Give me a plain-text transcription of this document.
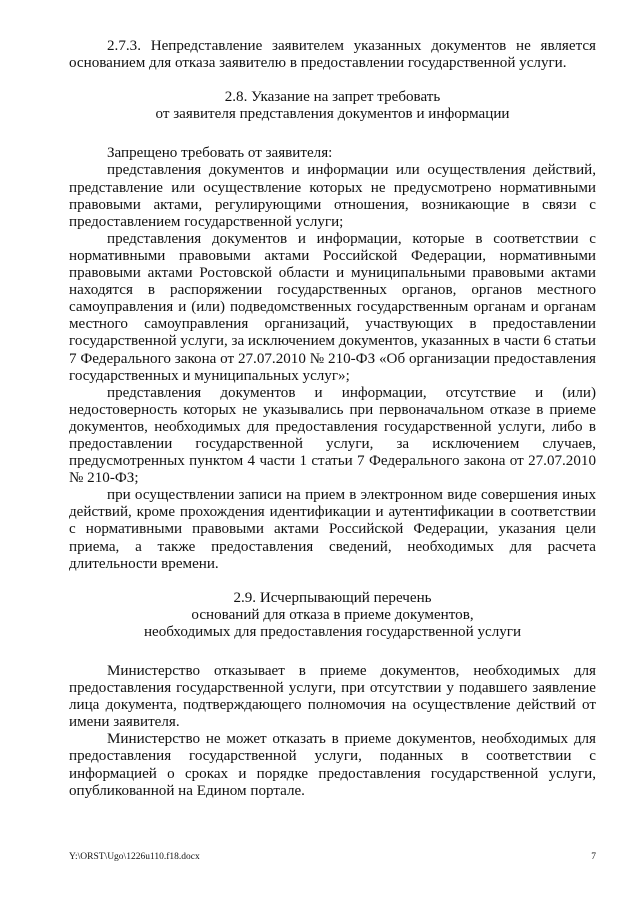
2.7.3. Непредставление заявителем указанных документов не является основанием для отказа заявителю в предоставлении государственной услуги.

2.8. Указание на запрет требовать

от заявителя представления документов и информации

Запрещено требовать от заявителя:

представления документов и информации или осуществления действий, представление или осуществление которых не предусмотрено нормативными правовыми актами, регулирующими отношения, возникающие в связи с предоставлением государственной услуги;

представления документов и информации, которые в соответствии с нормативными правовыми актами Российской Федерации, нормативными правовыми актами Ростовской области и муниципальными правовыми актами находятся в распоряжении государственных органов, органов местного самоуправления и (или) подведомственных государственным органам и органам местного самоуправления организаций, участвующих в предоставлении государственной услуги, за исключением документов, указанных в части 6 статьи 7 Федерального закона от 27.07.2010 № 210-ФЗ «Об организации предоставления государственных и муниципальных услуг»;

представления документов и информации, отсутствие и (или) недостоверность которых не указывались при первоначальном отказе в приеме документов, необходимых для предоставления государственной услуги, либо в предоставлении государственной услуги, за исключением случаев, предусмотренных пунктом 4 части 1 статьи 7 Федерального закона от 27.07.2010 № 210-ФЗ;

при осуществлении записи на прием в электронном виде совершения иных действий, кроме прохождения идентификации и аутентификации в соответствии с нормативными правовыми актами Российской Федерации, указания цели приема, а также предоставления сведений, необходимых для расчета длительности времени.

2.9. Исчерпывающий перечень

оснований для отказа в приеме документов,

необходимых для предоставления государственной услуги

Министерство отказывает в приеме документов, необходимых для предоставления государственной услуги, при отсутствии у подавшего заявление лица документа, подтверждающего полномочия на осуществление действий от имени заявителя.

Министерство не может отказать в приеме документов, необходимых для предоставления государственной услуги, поданных в соответствии с информацией о сроках и порядке предоставления государственной услуги, опубликованной на Едином портале.

Y:\ORST\Ugo\1226u110.f18.docx	7
